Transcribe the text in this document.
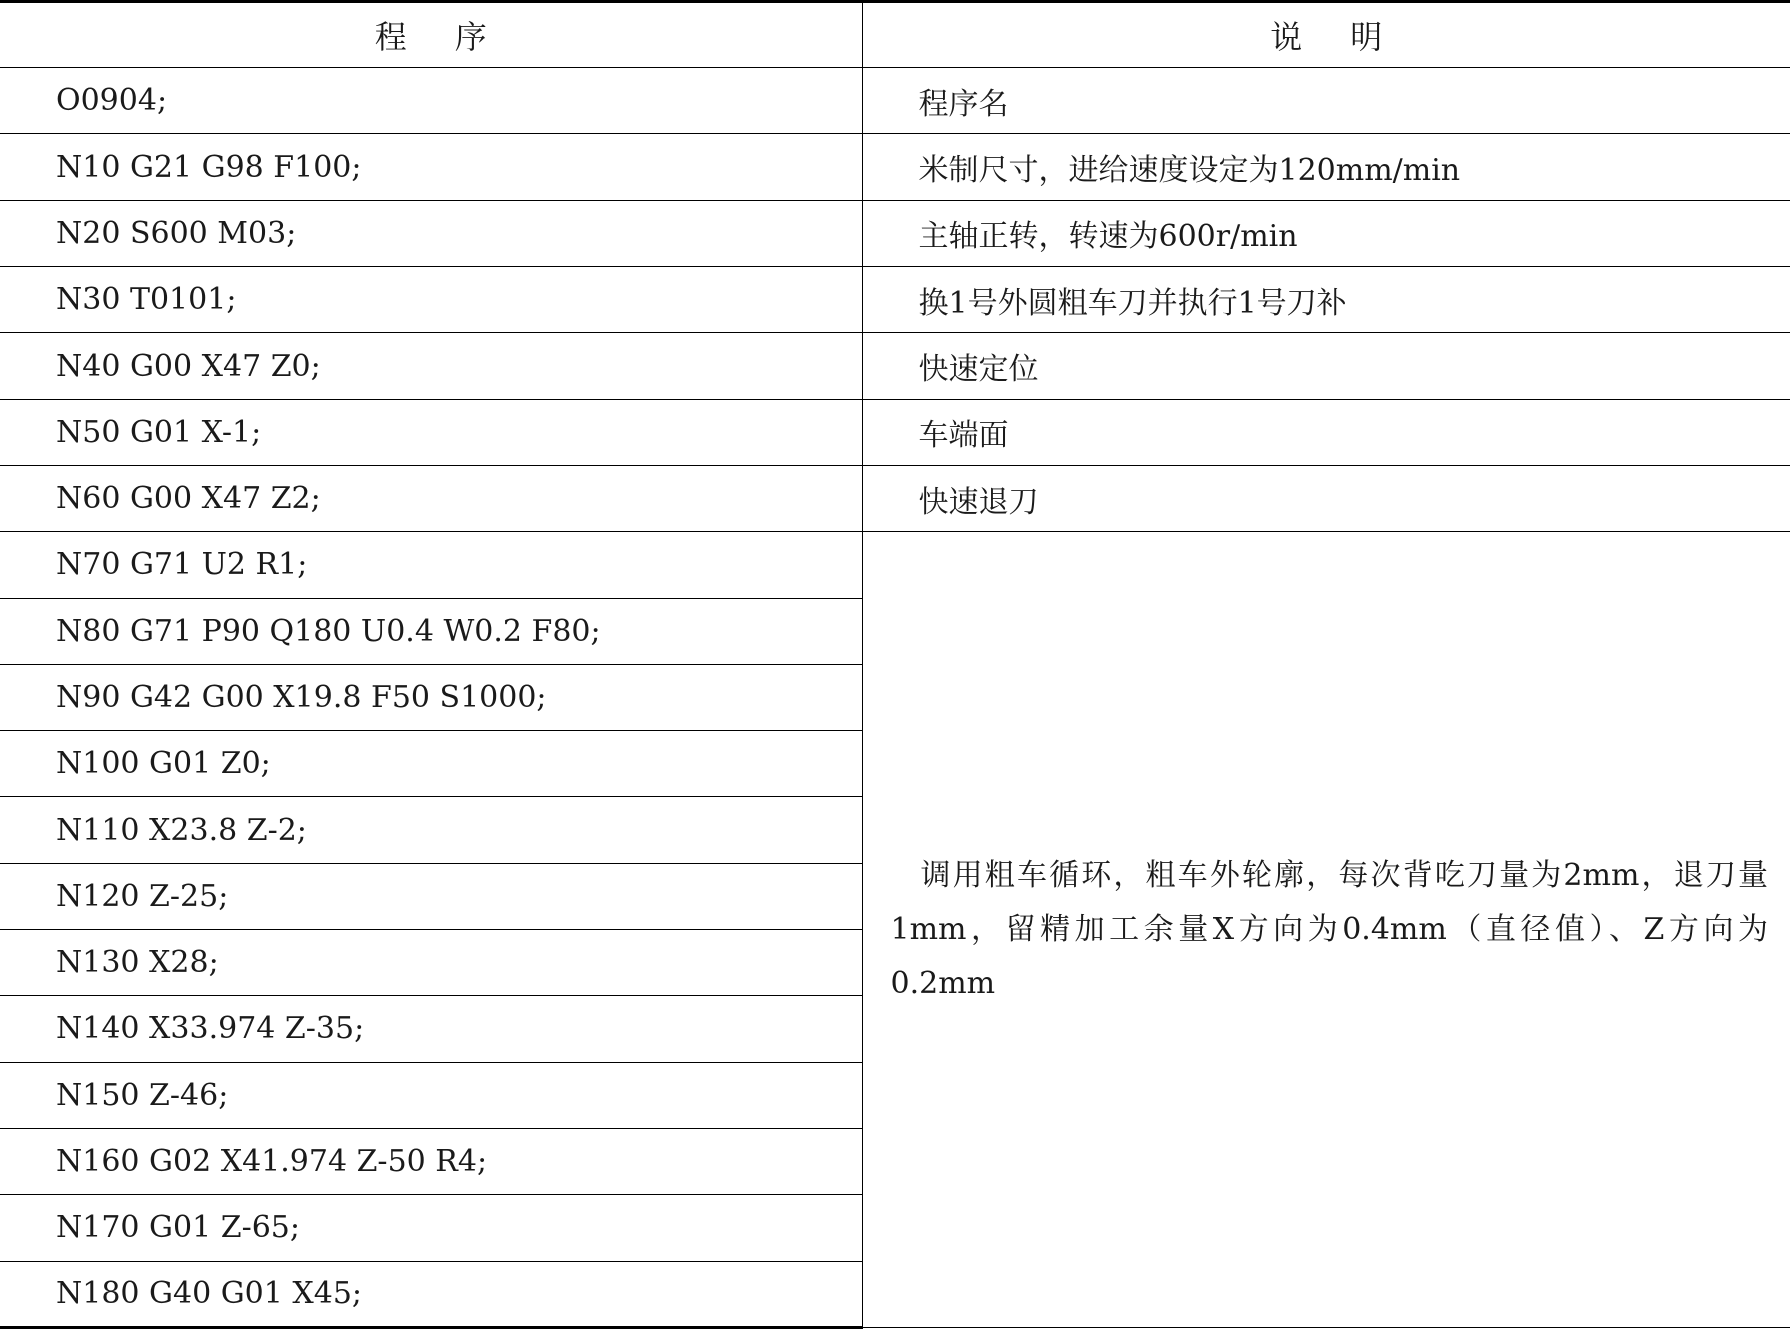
程序	说明
O0904;	程序名
N10 G21 G98 F100;	米制尺寸，进给速度设定为120mm/min
N20 S600 M03;	主轴正转，转速为600r/min
N30 T0101;	换1号外圆粗车刀并执行1号刀补
N40 G00 X47 Z0;	快速定位
N50 G01 X-1;	车端面
N60 G00 X47 Z2;	快速退刀
N70 G71 U2 R1;	调用粗车循环，粗车外轮廓，每次背吃刀量为2mm，退刀量1mm，留精加工余量X方向为0.4mm（直径值）、Z方向为0.2mm
N80 G71 P90 Q180 U0.4 W0.2 F80;	
N90 G42 G00 X19.8 F50 S1000;	
N100 G01 Z0;	
N110 X23.8 Z-2;	
N120 Z-25;	
N130 X28;	
N140 X33.974 Z-35;	
N150 Z-46;	
N160 G02 X41.974 Z-50 R4;	
N170 G01 Z-65;	
N180 G40 G01 X45;	
